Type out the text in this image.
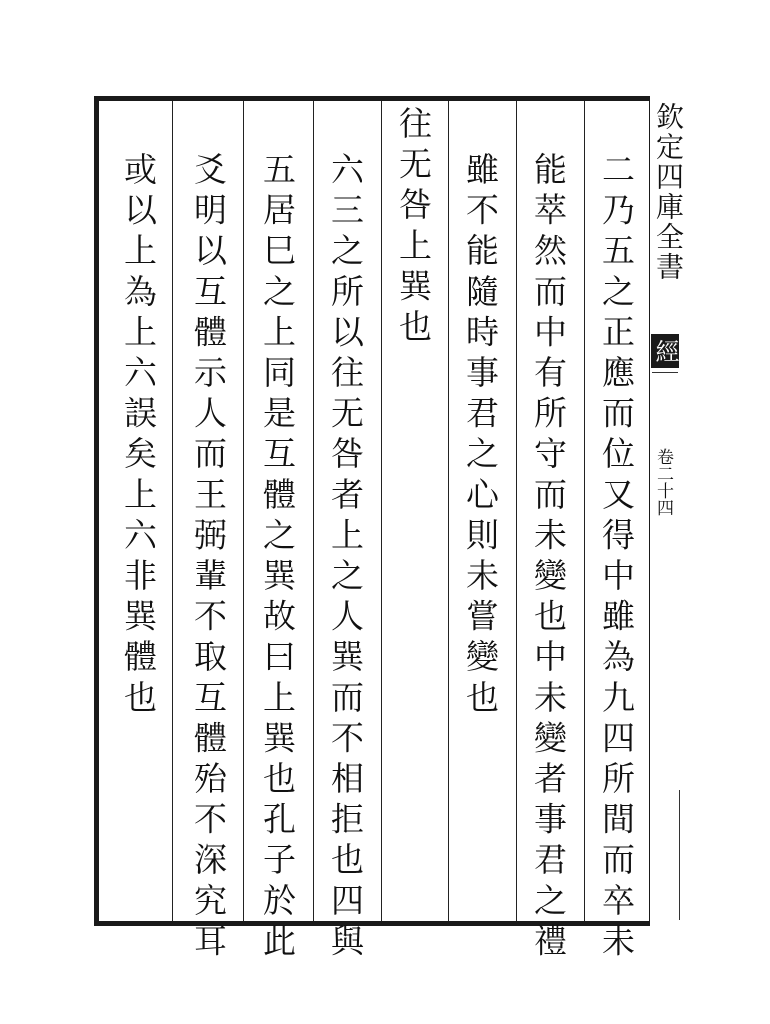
二乃五之正應而位又得中雖為九四所間而卒未
能萃然而中有所守而未變也中未變者事君之禮
雖不能隨時事君之心則未嘗變也
往无咎上巽也
六三之所以往无咎者上之人巽而不相拒也四與
五居巳之上同是互體之巽故曰上巽也孔子於此
爻明以互體示人而王弼輩不取互體殆不深究耳
或以上為上六誤矣上六非巽體也	欽定四庫全書
經
卷二十四
